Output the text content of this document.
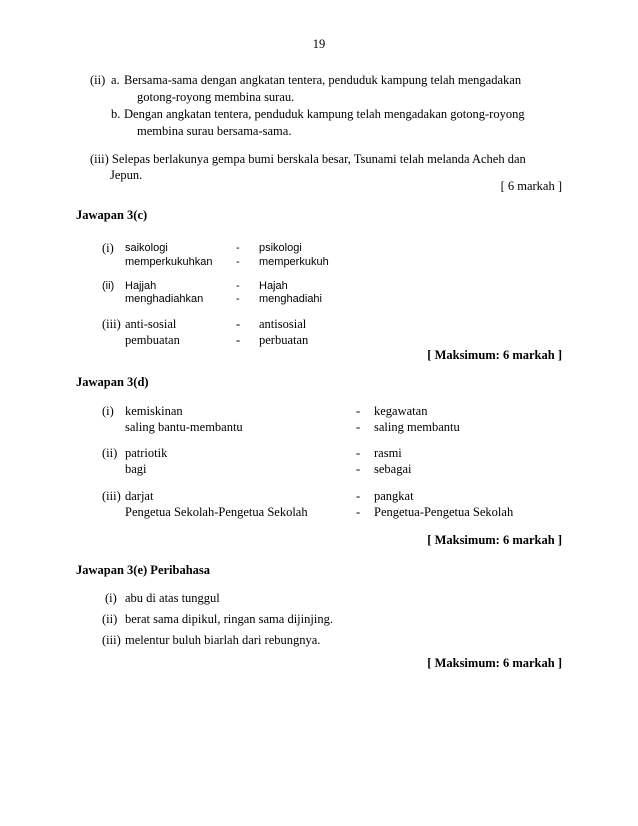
19
(ii) a. Bersama-sama dengan angkatan tentera, penduduk kampung telah mengadakan
gotong-royong membina surau.
b. Dengan angkatan tentera, penduduk kampung telah mengadakan gotong-royong
membina surau bersama-sama.
(iii) Selepas berlakunya gempa bumi berskala besar, Tsunami telah melanda Acheh dan
Jepun.
[ 6 markah ]
Jawapan 3(c)
(i) saikologi	- psikologi
memperkukuhkan - memperkukuh
(ii) Hajjah	- Hajah
menghadiahkan	- menghadiahi
(iii) anti-sosial	- antisosial
pembuatan	- perbuatan
[ Maksimum: 6 markah ]
Jawapan 3(d)
(i) kemiskinan	- kegawatan
saling bantu-membantu	- saling membantu
(ii) patriotik	- rasmi
bagi	- sebagai
(iii) darjat	- pangkat
Pengetua Sekolah-Pengetua Sekolah	- Pengetua-Pengetua Sekolah
[ Maksimum: 6 markah ]
Jawapan 3(e) Peribahasa
(i) abu di atas tunggul
(ii) berat sama dipikul, ringan sama dijinjing.
(iii) melentur buluh biarlah dari rebungnya.
[ Maksimum: 6 markah ]
